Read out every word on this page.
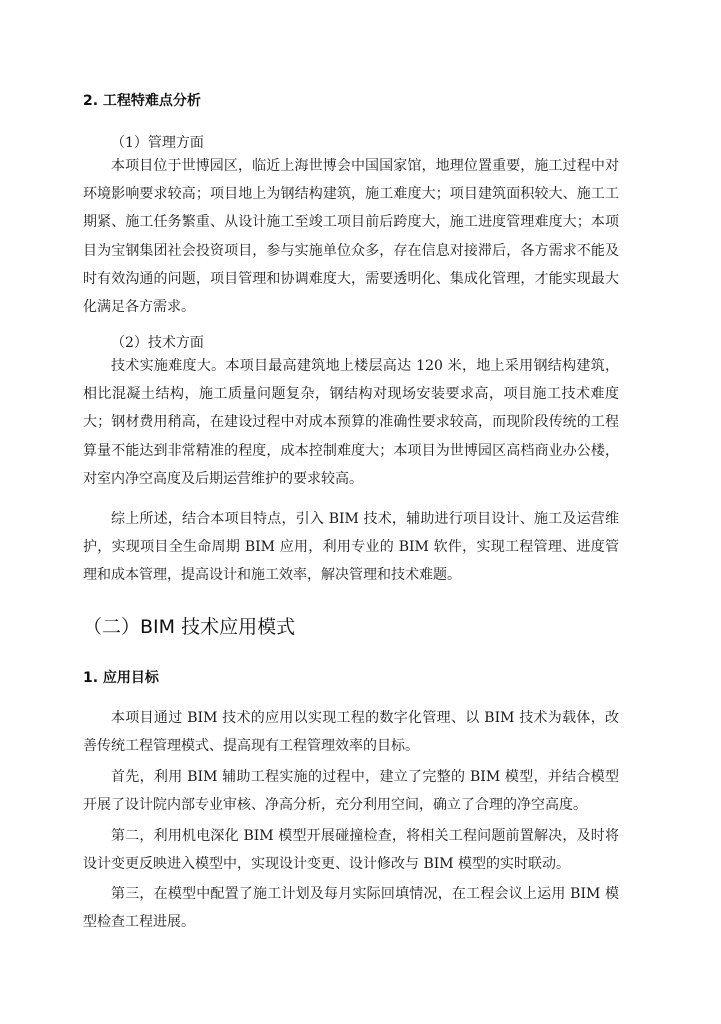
2. 工程特难点分析
（1）管理方面
本项目位于世博园区，临近上海世博会中国国家馆，地理位置重要，施工过程中对环境影响要求较高；项目地上为钢结构建筑，施工难度大；项目建筑面积较大、施工工期紧、施工任务繁重、从设计施工至竣工项目前后跨度大，施工进度管理难度大；本项目为宝钢集团社会投资项目，参与实施单位众多，存在信息对接滞后，各方需求不能及时有效沟通的问题，项目管理和协调难度大，需要透明化、集成化管理，才能实现最大化满足各方需求。
（2）技术方面
技术实施难度大。本项目最高建筑地上楼层高达 120 米，地上采用钢结构建筑，相比混凝土结构，施工质量问题复杂，钢结构对现场安装要求高，项目施工技术难度大；钢材费用稍高，在建设过程中对成本预算的准确性要求较高，而现阶段传统的工程算量不能达到非常精准的程度，成本控制难度大；本项目为世博园区高档商业办公楼，对室内净空高度及后期运营维护的要求较高。
综上所述，结合本项目特点，引入 BIM 技术，辅助进行项目设计、施工及运营维护，实现项目全生命周期 BIM 应用，利用专业的 BIM 软件，实现工程管理、进度管理和成本管理，提高设计和施工效率，解决管理和技术难题。
（二）BIM 技术应用模式
1. 应用目标
本项目通过 BIM 技术的应用以实现工程的数字化管理、以 BIM 技术为载体，改善传统工程管理模式、提高现有工程管理效率的目标。
首先，利用 BIM 辅助工程实施的过程中，建立了完整的 BIM 模型，并结合模型开展了设计院内部专业审核、净高分析，充分利用空间，确立了合理的净空高度。
第二，利用机电深化 BIM 模型开展碰撞检查，将相关工程问题前置解决，及时将设计变更反映进入模型中，实现设计变更、设计修改与 BIM 模型的实时联动。
第三，在模型中配置了施工计划及每月实际回填情况，在工程会议上运用 BIM 模型检查工程进展。
